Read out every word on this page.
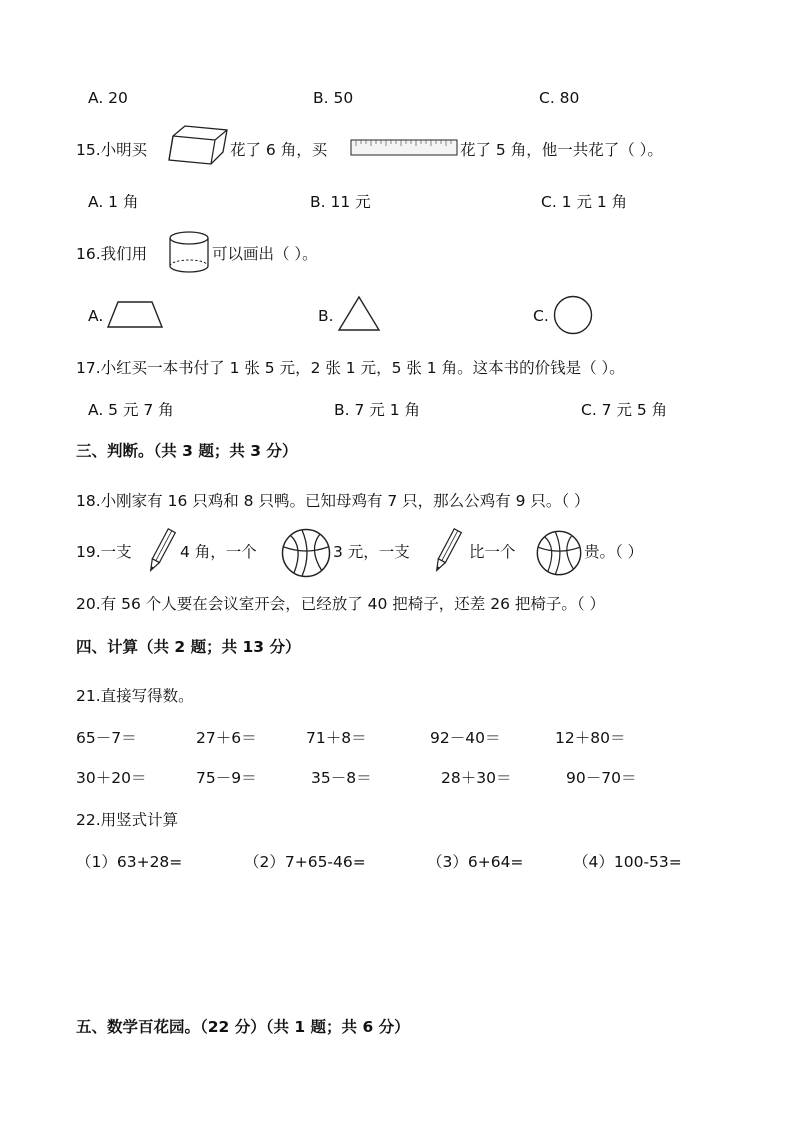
A. 20	B. 50	C. 80
15.小明买	花了 6 角，买	花了 5 角，他一共花了（ ）。
A. 1 角	B. 11 元	C. 1 元 1 角
16.我们用	可以画出（ ）。
A.	B.	C.
17.小红买一本书付了 1 张 5 元，2 张 1 元，5 张 1 角。这本书的价钱是（ ）。
A. 5 元 7 角	B. 7 元 1 角	C. 7 元 5 角
三、判断。（共 3 题；共 3 分）
18.小刚家有 16 只鸡和 8 只鸭。已知母鸡有 7 只，那么公鸡有 9 只。（ ）
19.一支	4 角，一个	3 元，一支	比一个	贵。（ ）
20.有 56 个人要在会议室开会，已经放了 40 把椅子，还差 26 把椅子。（ ）
四、计算（共 2 题；共 13 分）
21.直接写得数。
65－7＝	27＋6＝	71＋8＝	92－40＝	12＋80＝
30＋20＝	75－9＝	35－8＝	28＋30＝	90－70＝
22.用竖式计算
（1）63+28=	（2）7+65-46=	（3）6+64=	（4）100-53=
五、数学百花园。（22 分）（共 1 题；共 6 分）
